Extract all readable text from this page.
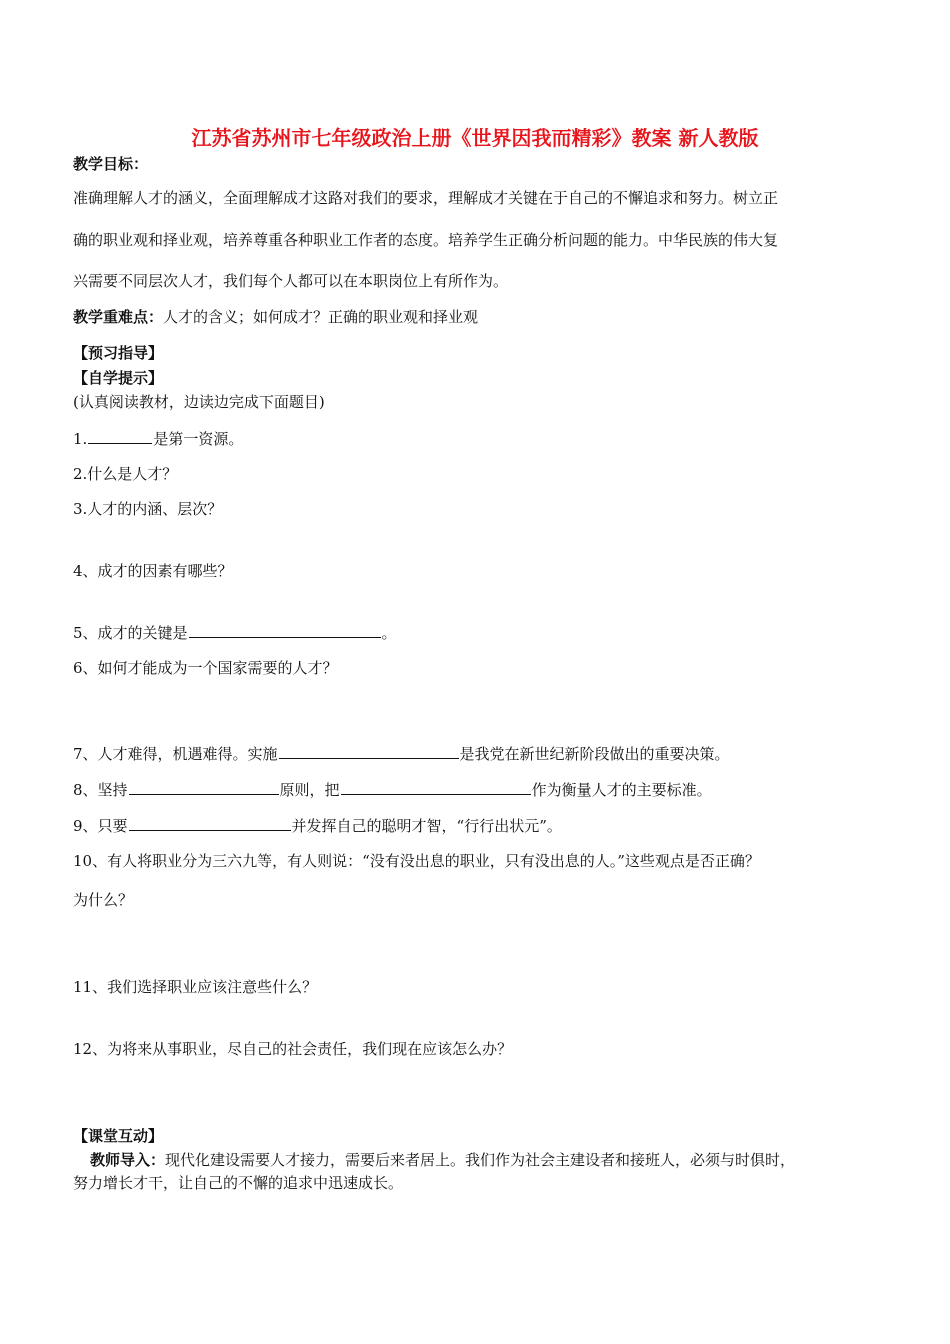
江苏省苏州市七年级政治上册《世界因我而精彩》教案 新人教版
教学目标：
准确理解人才的涵义，全面理解成才这路对我们的要求，理解成才关键在于自己的不懈追求和努力。树立正
确的职业观和择业观，培养尊重各种职业工作者的态度。培养学生正确分析问题的能力。中华民族的伟大复
兴需要不同层次人才，我们每个人都可以在本职岗位上有所作为。
教学重难点：人才的含义；如何成才？正确的职业观和择业观
【预习指导】
【自学提示】
(认真阅读教材，边读边完成下面题目)
1.	是第一资源。
2.什么是人才？
3.人才的内涵、层次？
4、成才的因素有哪些？
5、成才的关键是	。
6、如何才能成为一个国家需要的人才？
7、人才难得，机遇难得。实施	是我党在新世纪新阶段做出的重要决策。
8、坚持	原则，把	作为衡量人才的主要标准。
9、只要	并发挥自己的聪明才智，“行行出状元”。
10、有人将职业分为三六九等，有人则说：“没有没出息的职业，只有没出息的人。”这些观点是否正确？
为什么？
11、我们选择职业应该注意些什么？
12、为将来从事职业，尽自己的社会责任，我们现在应该怎么办？
【课堂互动】
教师导入：现代化建设需要人才接力，需要后来者居上。我们作为社会主建设者和接班人，必须与时俱时，
努力增长才干，让自己的不懈的追求中迅速成长。
